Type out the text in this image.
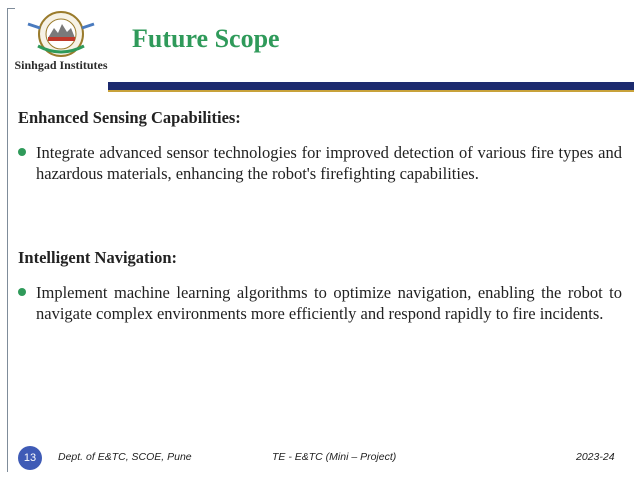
Sinhgad Institutes
Future Scope
Enhanced Sensing Capabilities:
Integrate advanced sensor technologies for improved detection of various fire types and hazardous materials, enhancing the robot's firefighting capabilities.
Intelligent Navigation:
Implement machine learning algorithms to optimize navigation, enabling the robot to navigate complex environments more efficiently and respond rapidly to fire incidents.
13	Dept. of E&TC, SCOE, Pune	TE - E&TC (Mini – Project)	2023-24
